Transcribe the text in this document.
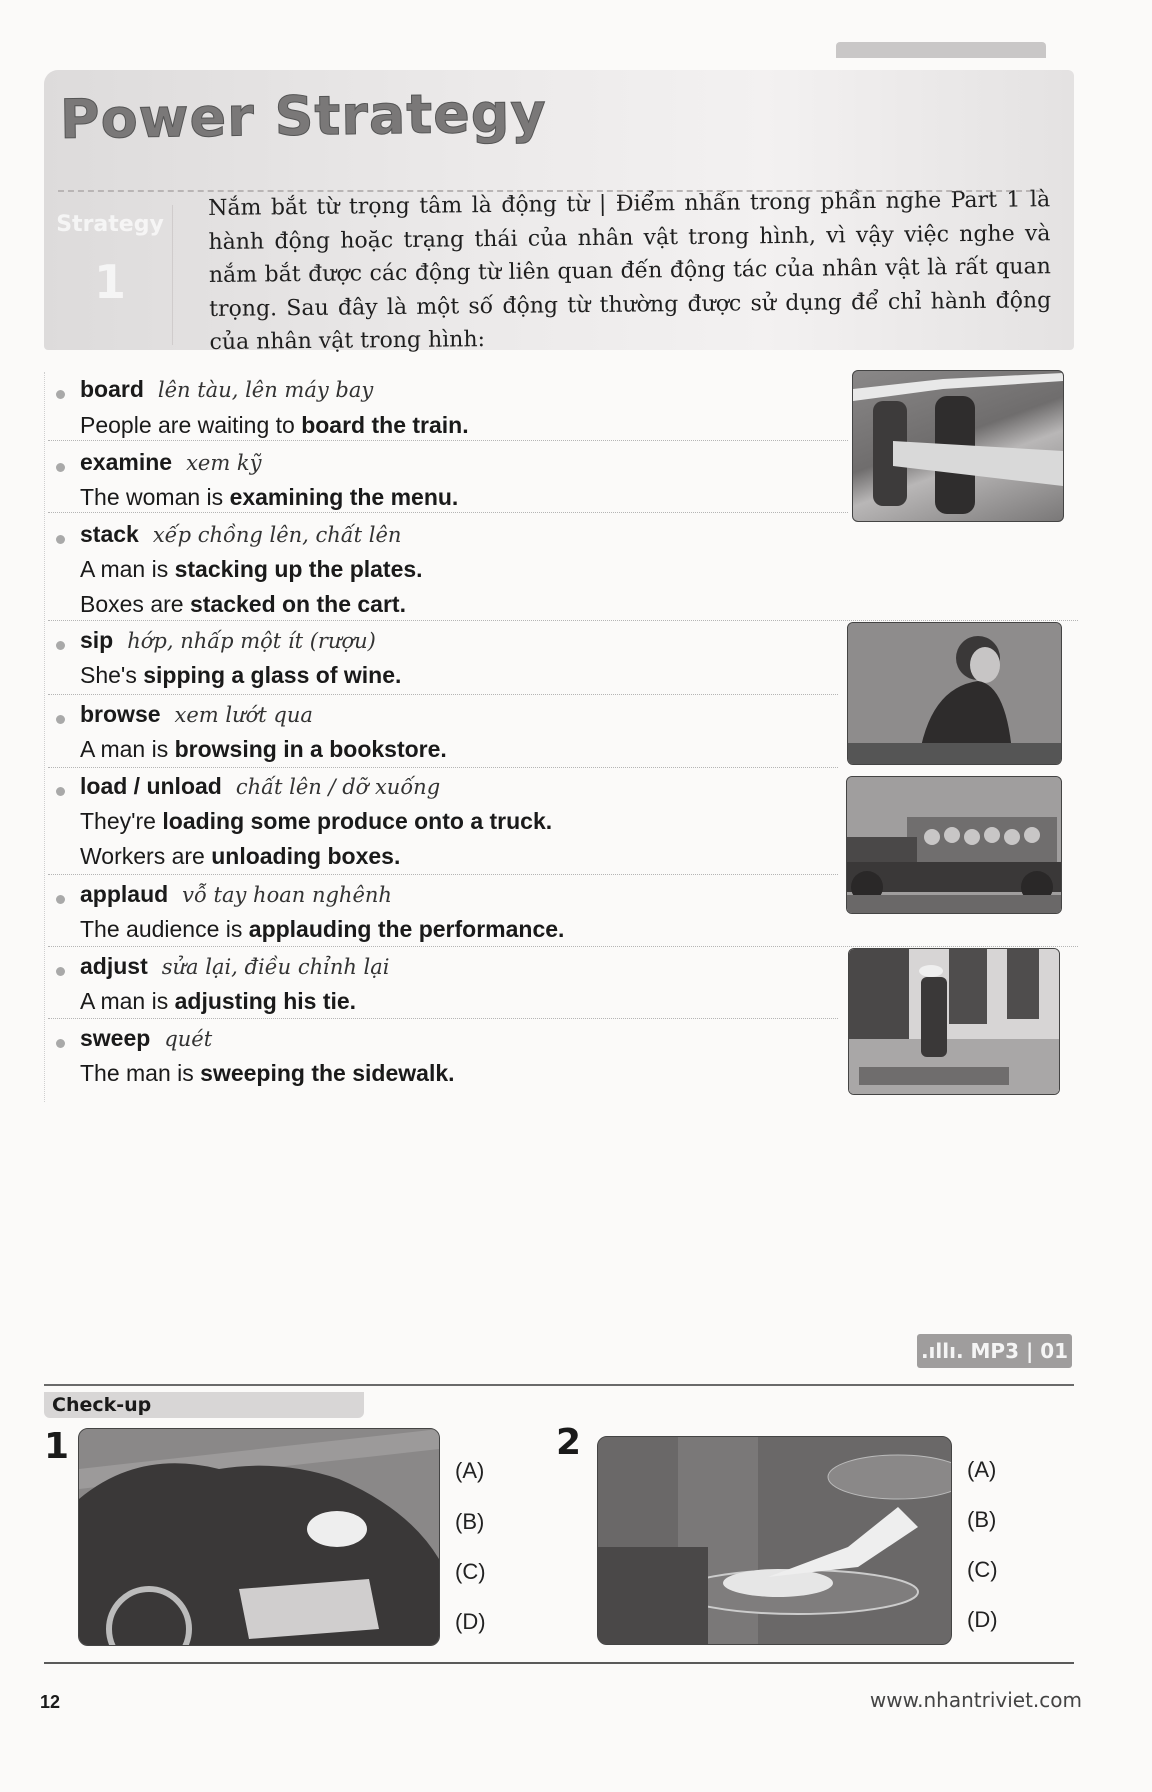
Power Strategy
Strategy
1
Nắm bắt từ trọng tâm là động từ | Điểm nhấn trong phần nghe Part 1 là hành động hoặc trạng thái của nhân vật trong hình, vì vậy việc nghe và nắm bắt được các động từ liên quan đến động tác của nhân vật là rất quan trọng. Sau đây là một số động từ thường được sử dụng để chỉ hành động của nhân vật trong hình:
board lên tàu, lên máy bay
People are waiting to board the train.
examine xem kỹ
The woman is examining the menu.
stack xếp chồng lên, chất lên
A man is stacking up the plates.
Boxes are stacked on the cart.
sip hớp, nhấp một ít (rượu)
She's sipping a glass of wine.
browse xem lướt qua
A man is browsing in a bookstore.
load / unload chất lên / dỡ xuống
They're loading some produce onto a truck.
Workers are unloading boxes.
applaud vỗ tay hoan nghênh
The audience is applauding the performance.
adjust sửa lại, điều chỉnh lại
A man is adjusting his tie.
sweep quét
The man is sweeping the sidewalk.
.ıllı. MP3 | 01
Check-up
1
(A)
(B)
(C)
(D)
2
(A)
(B)
(C)
(D)
12	www.nhantriviet.com
